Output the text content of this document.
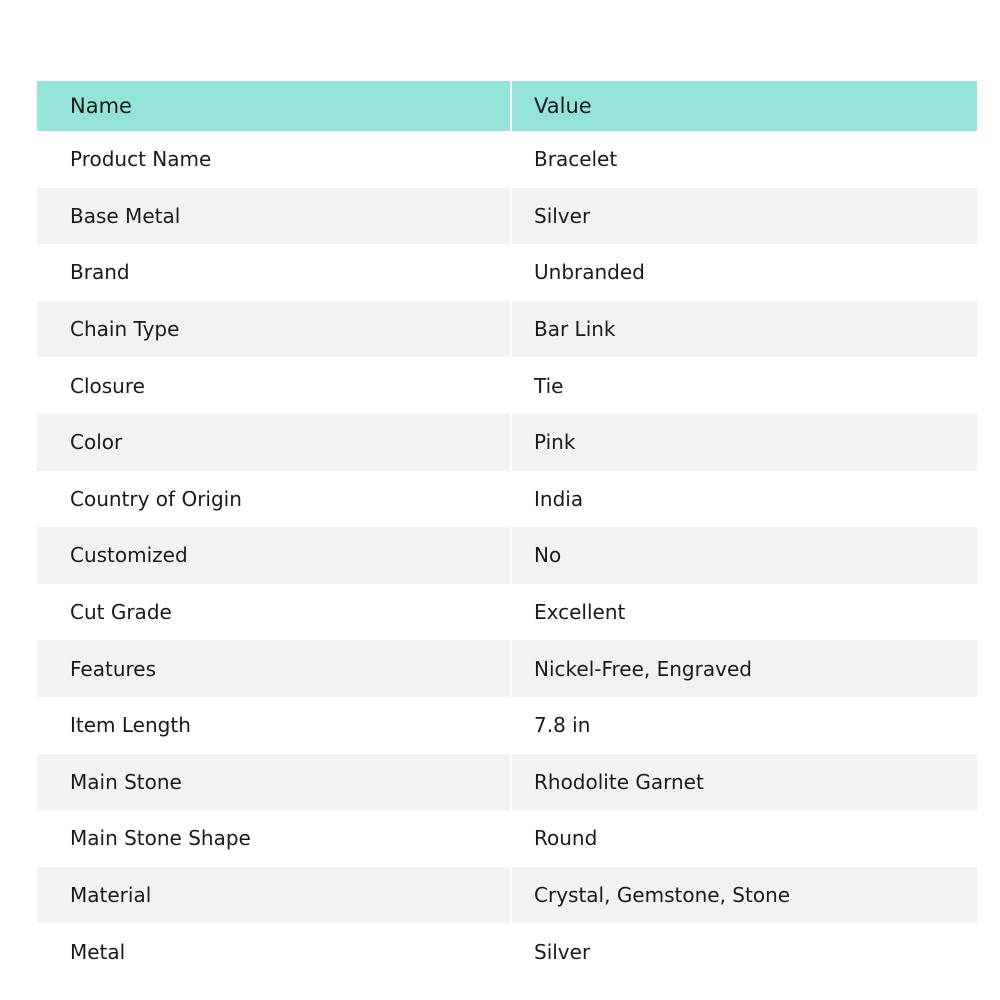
Name	Value
Product Name	Bracelet
Base Metal	Silver
Brand	Unbranded
Chain Type	Bar Link
Closure	Tie
Color	Pink
Country of Origin	India
Customized	No
Cut Grade	Excellent
Features	Nickel-Free, Engraved
Item Length	7.8 in
Main Stone	Rhodolite Garnet
Main Stone Shape	Round
Material	Crystal, Gemstone, Stone
Metal	Silver
